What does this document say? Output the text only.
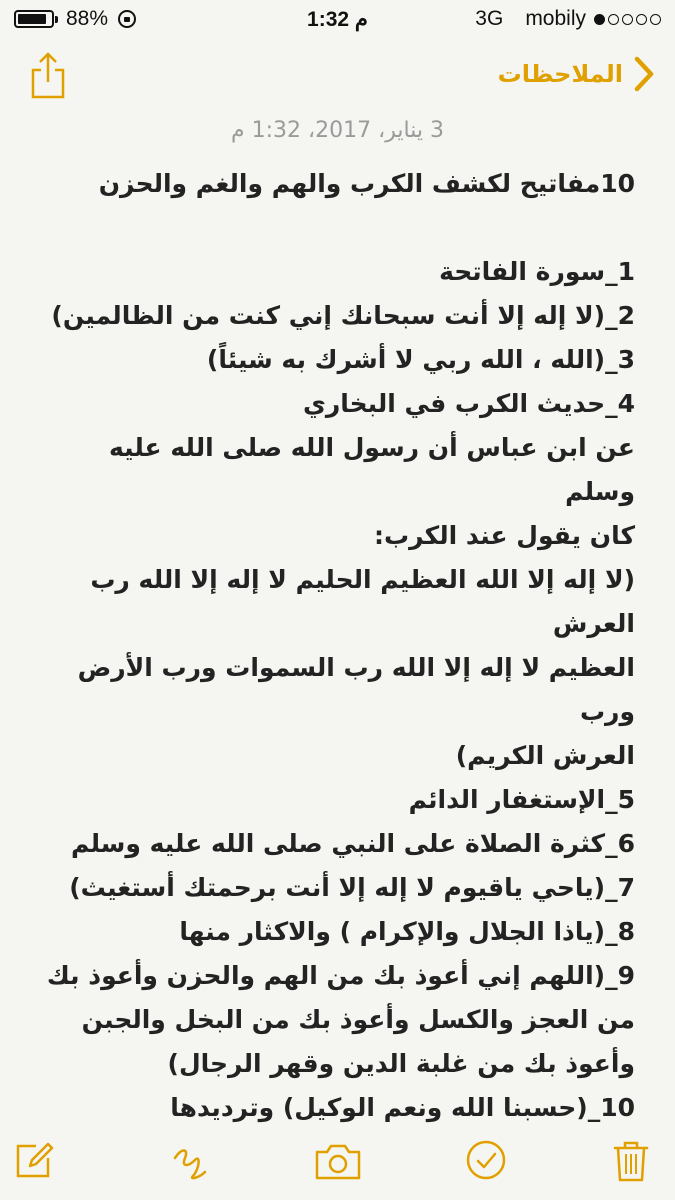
88%	1:32 م	3G mobily
الملاحظات
3 يناير، 2017، 1:32 م

10مفاتيح لكشف الكرب والهم والغم والحزن

1_سورة الفاتحة

2_(لا إله إلا أنت سبحانك إني كنت من الظالمين)

3_(الله ، الله ربي لا أشرك به شيئاً)

4_حديث الكرب في البخاري

عن ابن عباس أن رسول الله صلى الله عليه وسلم

كان يقول عند الكرب:

(لا إله إلا الله العظيم الحليم لا إله إلا الله رب العرش

العظيم لا إله إلا الله رب السموات ورب الأرض ورب

العرش الكريم)

5_الإستغفار الدائم

6_كثرة الصلاة على النبي صلى الله عليه وسلم

7_(ياحي ياقيوم لا إله إلا أنت برحمتك أستغيث)

8_(ياذا الجلال والإكرام ) والاكثار منها

9_(اللهم إني أعوذ بك من الهم والحزن وأعوذ بك

من العجز والكسل وأعوذ بك من البخل والجبن

وأعوذ بك من غلبة الدين وقهر الرجال)

10_(حسبنا الله ونعم الوكيل) وترديدها
